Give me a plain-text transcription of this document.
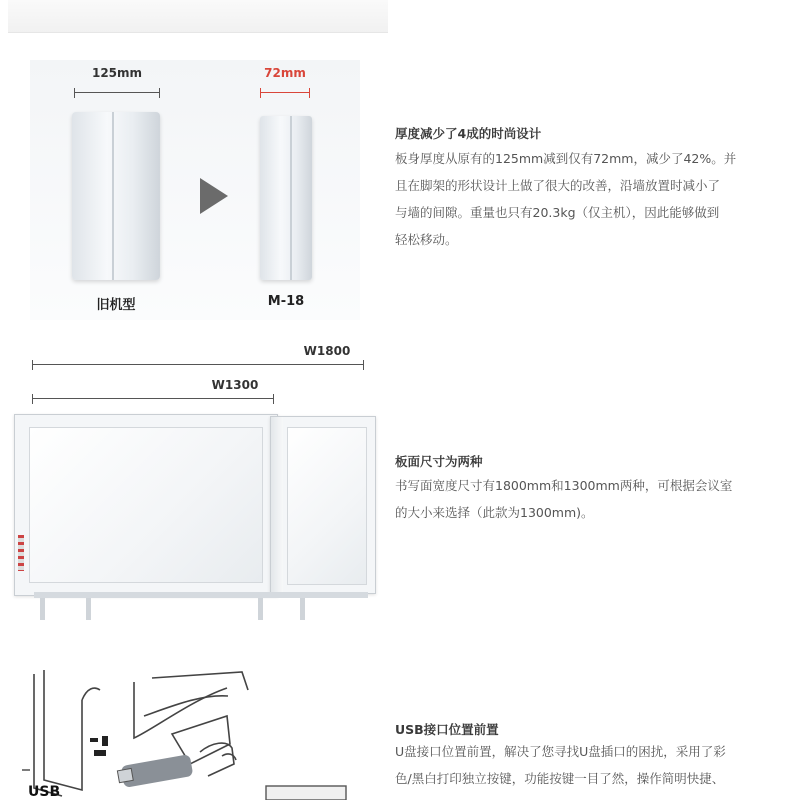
125mm	72mm
旧机型	M-18
厚度减少了4成的时尚设计
板身厚度从原有的125mm减到仅有72mm，减少了42%。并
且在脚架的形状设计上做了很大的改善，沿墙放置时减小了
与墙的间隙。重量也只有20.3kg（仅主机），因此能够做到
轻松移动。
W1800
W1300
板面尺寸为两种
书写面宽度尺寸有1800mm和1300mm两种，可根据会议室
的大小来选择（此款为1300mm)。
USB
USB接口位置前置
U盘接口位置前置，解决了您寻找U盘插口的困扰，采用了彩
色/黑白打印独立按键，功能按键一目了然，操作简明快捷、
